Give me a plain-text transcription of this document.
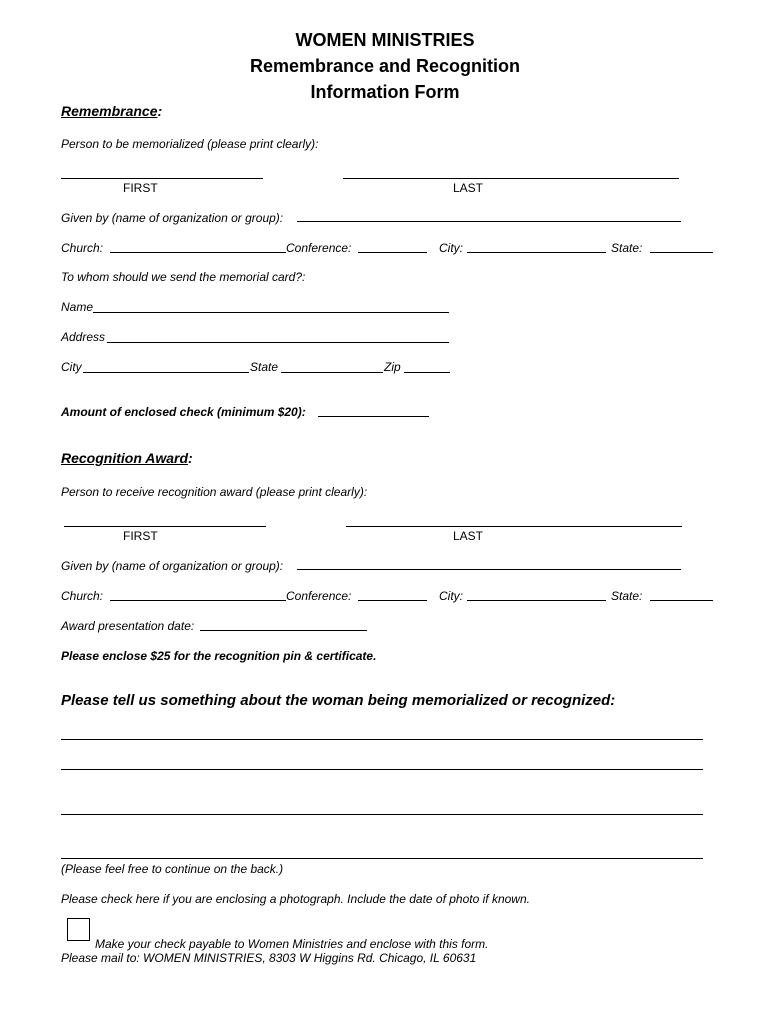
WOMEN MINISTRIES
Remembrance and Recognition
Information Form
Remembrance:
Person to be memorialized (please print clearly):
FIRST	LAST
Given by (name of organization or group):
Church:	Conference:	City:	State:
To whom should we send the memorial card?:
Name
Address
City	State	Zip
Amount of enclosed check (minimum $20):
Recognition Award:
Person to receive recognition award (please print clearly):
FIRST	LAST
Given by (name of organization or group):
Church:	Conference:	City:	State:
Award presentation date:
Please enclose $25 for the recognition pin & certificate.
Please tell us something about the woman being memorialized or recognized:
(Please feel free to continue on the back.)
Please check here if you are enclosing a photograph. Include the date of photo if known.
Make your check payable to Women Ministries and enclose with this form.
Please mail to: WOMEN MINISTRIES, 8303 W Higgins Rd. Chicago, IL 60631
